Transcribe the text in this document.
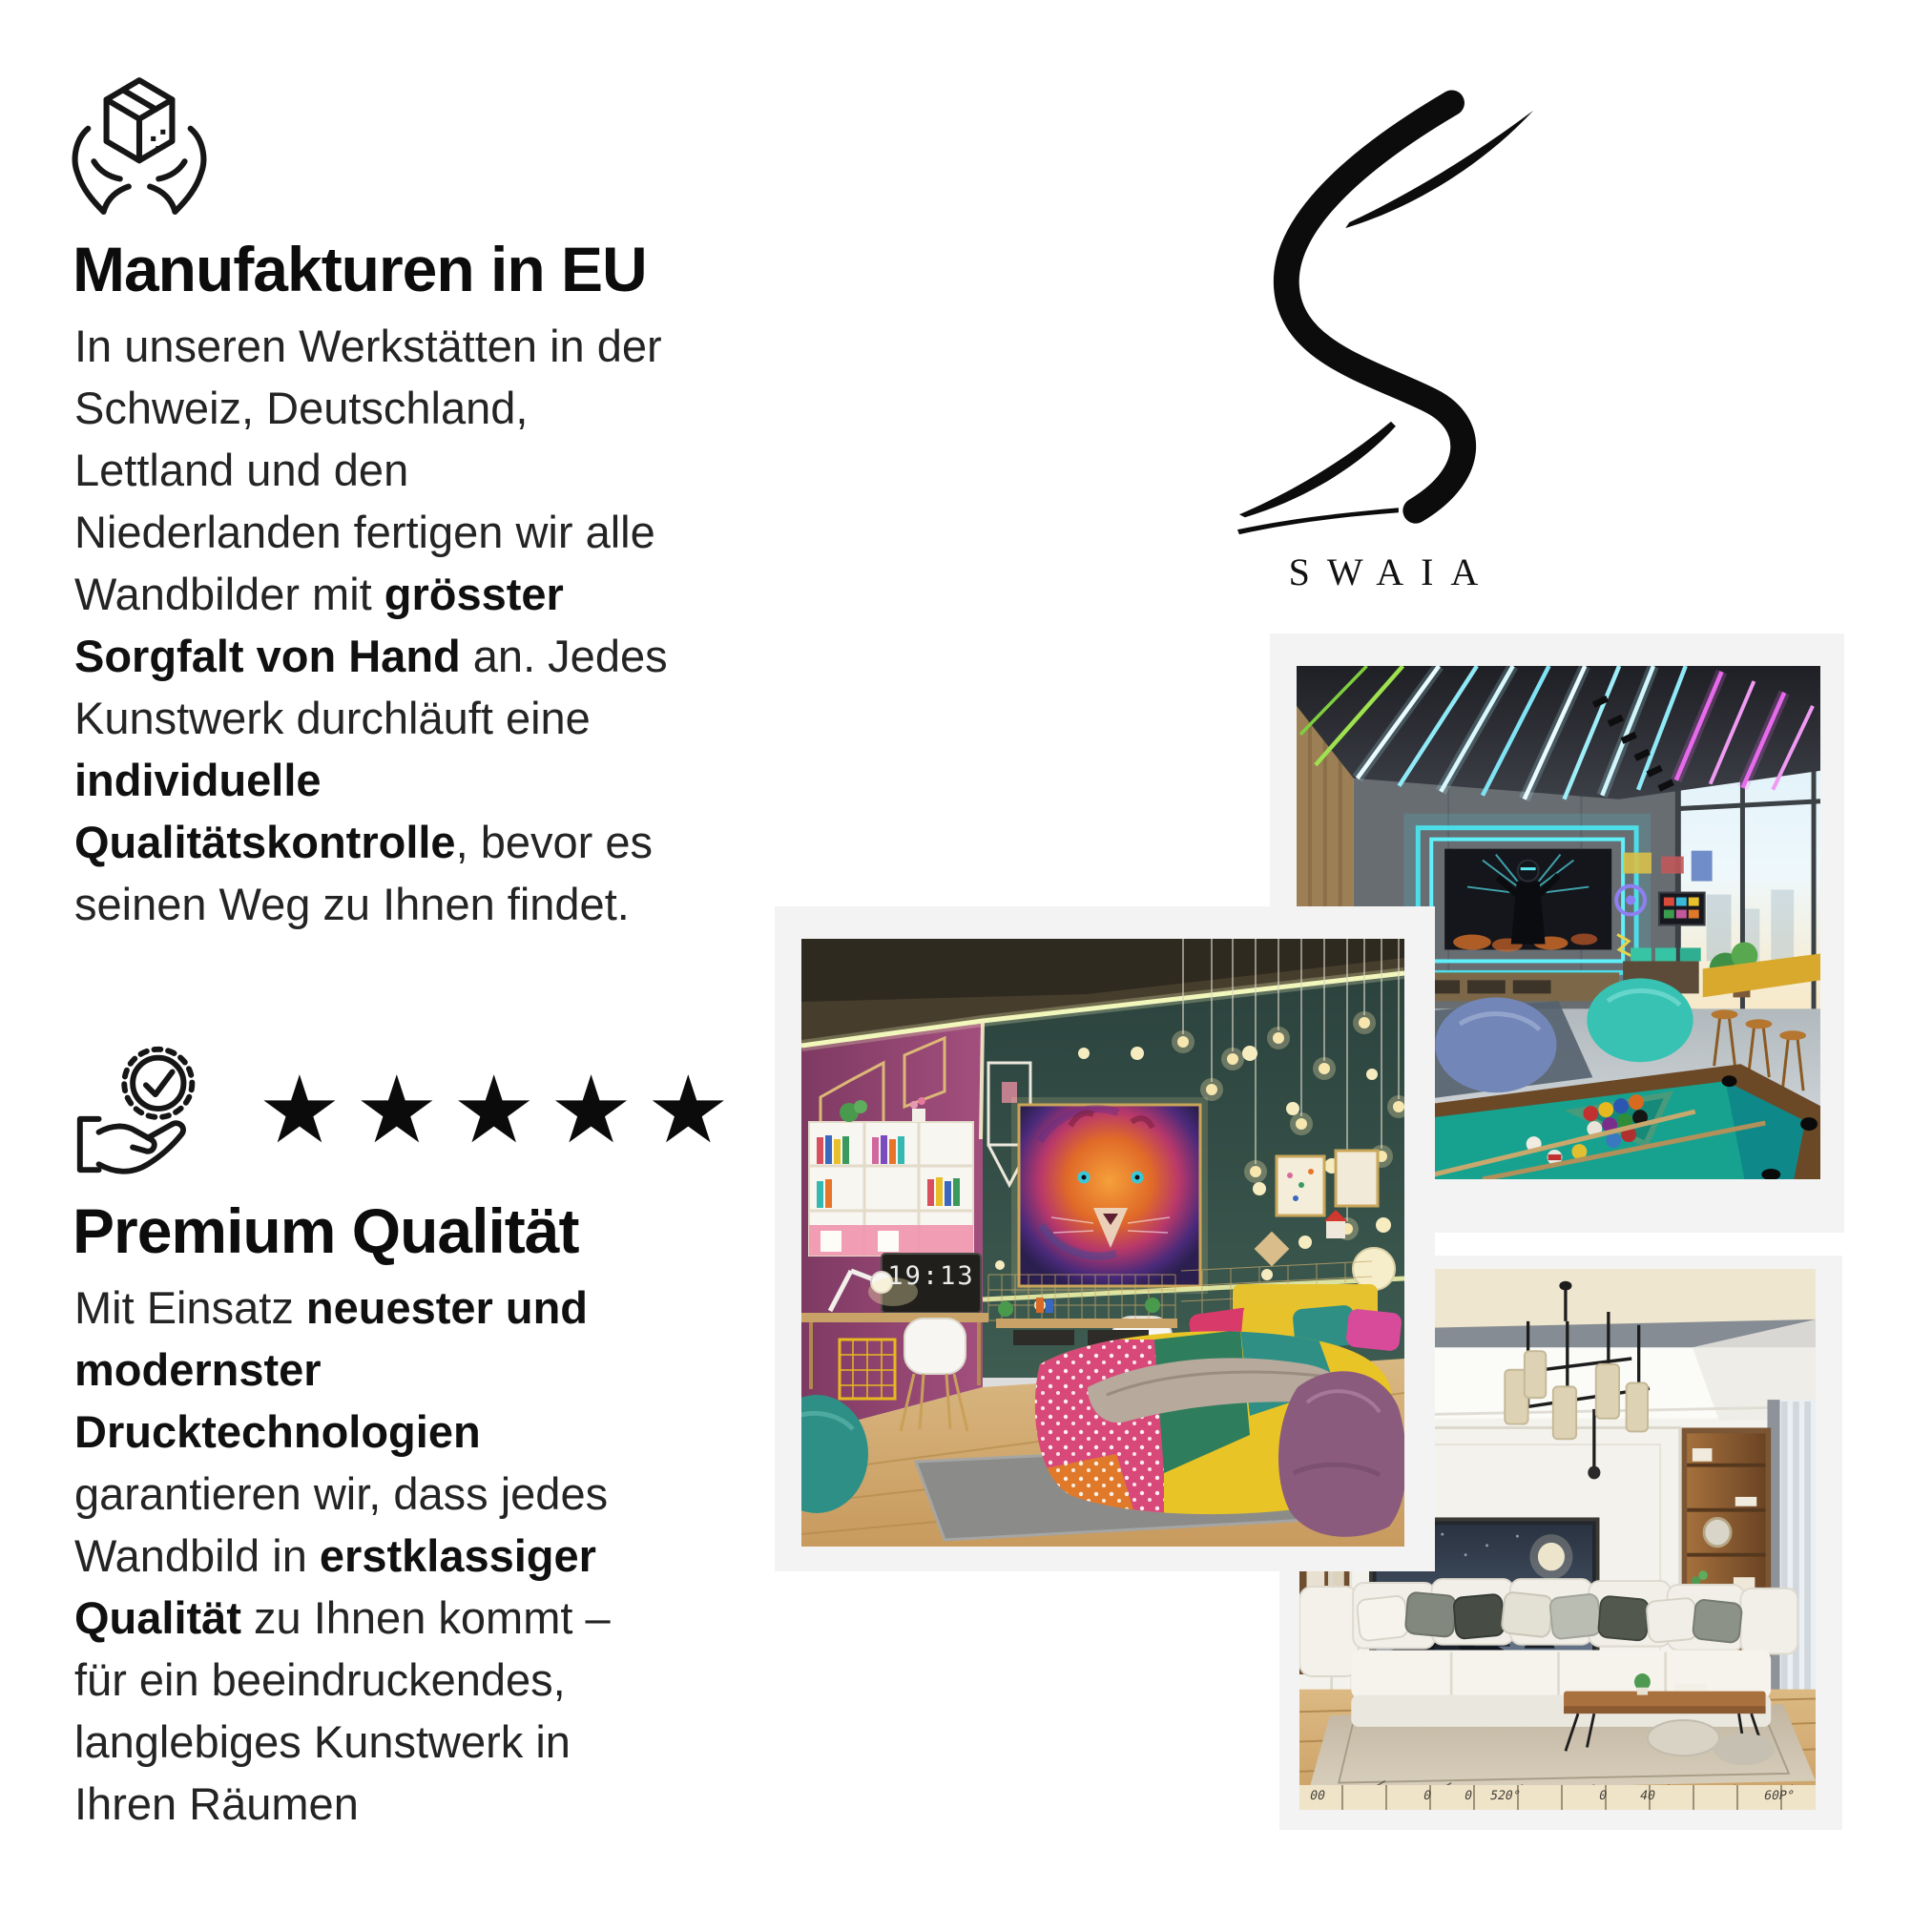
Manufakturen in EU
In unseren Werkstätten in der
Schweiz, Deutschland,
Lettland und den
Niederlanden fertigen wir alle
Wandbilder mit grösster
Sorgfalt von Hand an. Jedes
Kunstwerk durchläuft eine
individuelle
Qualitätskontrolle, bevor es
seinen Weg zu Ihnen findet.
SWAIA
★★★★★
Premium Qualität
Mit Einsatz neuester und
modernster
Drucktechnologien
garantieren wir, dass jedes
Wandbild in erstklassiger
Qualität zu Ihnen kommt –
für ein beeindruckendes,
langlebiges Kunstwerk in
Ihren Räumen	00	0 0 520°	0 40	60P°
19:13
